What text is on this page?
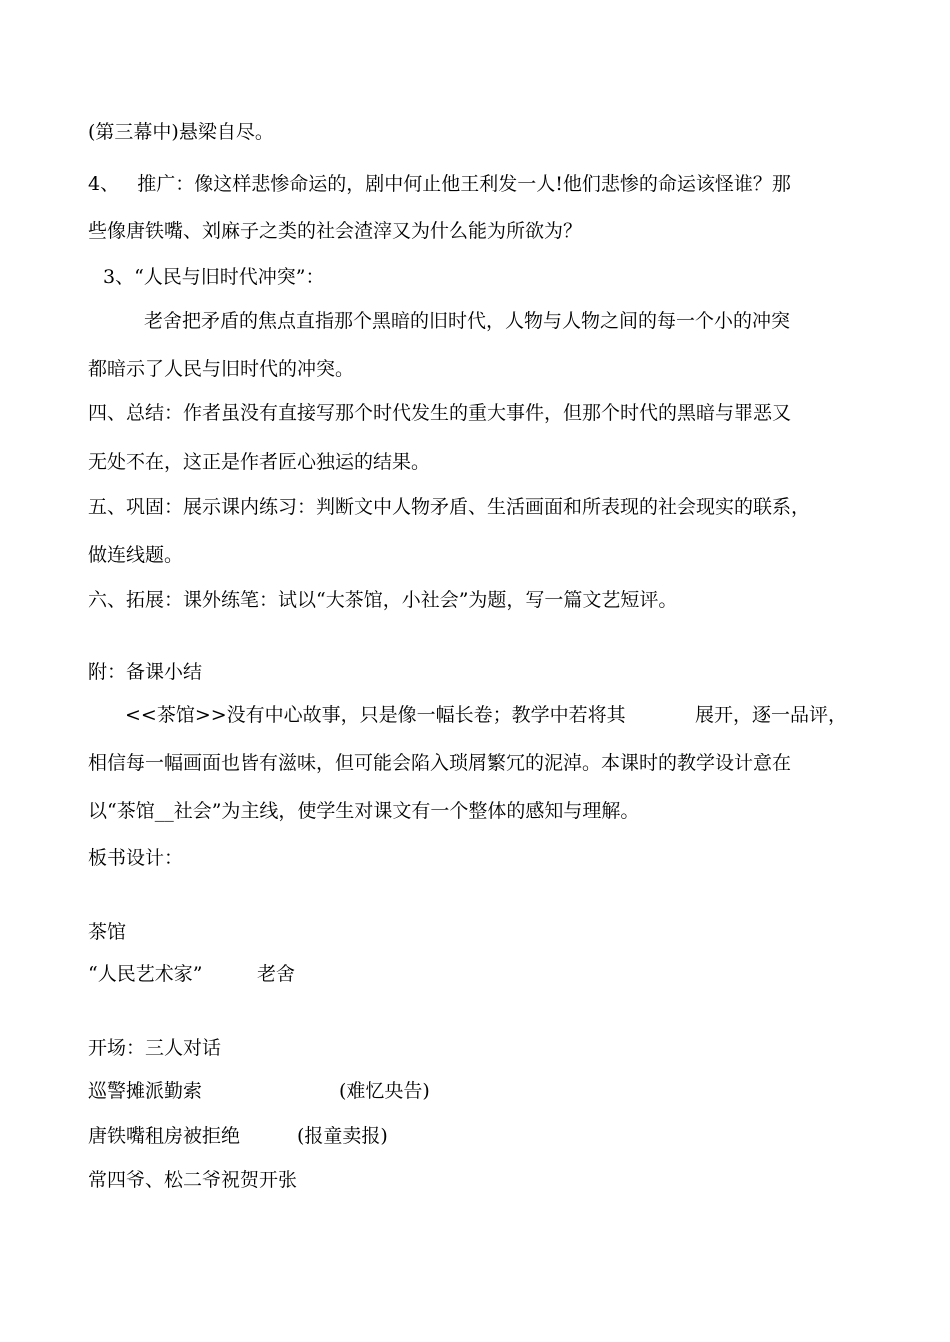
(第三幕中)悬梁自尽。
4、   推广：像这样悲惨命运的，剧中何止他王利发一人!他们悲惨的命运该怪谁？那
些像唐铁嘴、刘麻子之类的社会渣滓又为什么能为所欲为？
3、“人民与旧时代冲突”：
老舍把矛盾的焦点直指那个黑暗的旧时代，人物与人物之间的每一个小的冲突
都暗示了人民与旧时代的冲突。
四、总结：作者虽没有直接写那个时代发生的重大事件，但那个时代的黑暗与罪恶又
无处不在，这正是作者匠心独运的结果。
五、巩固：展示课内练习：判断文中人物矛盾、生活画面和所表现的社会现实的联系，
做连线题。
六、拓展：课外练笔：试以“大茶馆，小社会”为题，写一篇文艺短评。
附：备课小结
<<茶馆>>没有中心故事，只是像一幅长卷；教学中若将其	展开，逐一品评，
相信每一幅画面也皆有滋味，但可能会陷入琐屑繁冗的泥淖。本课时的教学设计意在
以“茶馆__社会”为主线，使学生对课文有一个整体的感知与理解。
板书设计：
茶馆
“人民艺术家”	老舍
开场：三人对话
巡警摊派勤索	(难忆央告)
唐铁嘴租房被拒绝	(报童卖报)
常四爷、松二爷祝贺开张
